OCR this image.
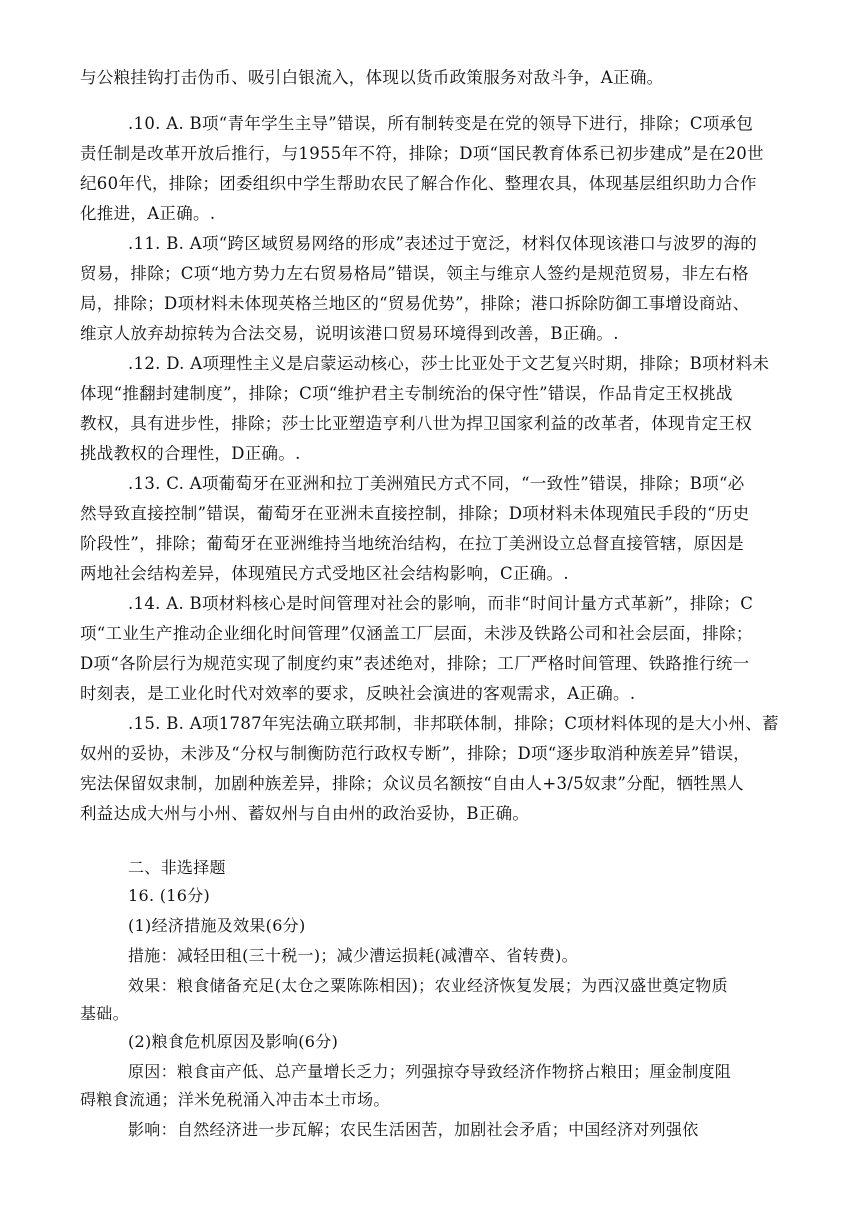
与公粮挂钩打击伪币、吸引白银流入，体现以货币政策服务对敌斗争，A正确。
.10. A. B项“青年学生主导”错误，所有制转变是在党的领导下进行，排除；C项承包
责任制是改革开放后推行，与1955年不符，排除；D项“国民教育体系已初步建成”是在20世
纪60年代，排除；团委组织中学生帮助农民了解合作化、整理农具，体现基层组织助力合作
化推进，A正确。.
.11. B. A项“跨区域贸易网络的形成”表述过于宽泛，材料仅体现该港口与波罗的海的
贸易，排除；C项“地方势力左右贸易格局”错误，领主与维京人签约是规范贸易，非左右格
局，排除；D项材料未体现英格兰地区的“贸易优势”，排除；港口拆除防御工事增设商站、
维京人放弃劫掠转为合法交易，说明该港口贸易环境得到改善，B正确。.
.12. D. A项理性主义是启蒙运动核心，莎士比亚处于文艺复兴时期，排除；B项材料未
体现“推翻封建制度”，排除；C项“维护君主专制统治的保守性”错误，作品肯定王权挑战
教权，具有进步性，排除；莎士比亚塑造亨利八世为捍卫国家利益的改革者，体现肯定王权
挑战教权的合理性，D正确。.
.13. C. A项葡萄牙在亚洲和拉丁美洲殖民方式不同，“一致性”错误，排除；B项“必
然导致直接控制”错误，葡萄牙在亚洲未直接控制，排除；D项材料未体现殖民手段的“历史
阶段性”，排除；葡萄牙在亚洲维持当地统治结构，在拉丁美洲设立总督直接管辖，原因是
两地社会结构差异，体现殖民方式受地区社会结构影响，C正确。.
.14. A. B项材料核心是时间管理对社会的影响，而非“时间计量方式革新”，排除；C
项“工业生产推动企业细化时间管理”仅涵盖工厂层面，未涉及铁路公司和社会层面，排除；
D项“各阶层行为规范实现了制度约束”表述绝对，排除；工厂严格时间管理、铁路推行统一
时刻表，是工业化时代对效率的要求，反映社会演进的客观需求，A正确。.
.15. B. A项1787年宪法确立联邦制，非邦联体制，排除；C项材料体现的是大小州、蓄
奴州的妥协，未涉及“分权与制衡防范行政权专断”，排除；D项“逐步取消种族差异”错误，
宪法保留奴隶制，加剧种族差异，排除；众议员名额按“自由人+3/5奴隶”分配，牺牲黑人
利益达成大州与小州、蓄奴州与自由州的政治妥协，B正确。
二、非选择题
16. (16分)
(1)经济措施及效果(6分)
措施：减轻田租(三十税一)；减少漕运损耗(减漕卒、省转费)。
效果：粮食储备充足(太仓之粟陈陈相因)；农业经济恢复发展；为西汉盛世奠定物质
基础。
(2)粮食危机原因及影响(6分)
原因：粮食亩产低、总产量增长乏力；列强掠夺导致经济作物挤占粮田；厘金制度阻
碍粮食流通；洋米免税涌入冲击本土市场。
影响：自然经济进一步瓦解；农民生活困苦，加剧社会矛盾；中国经济对列强依
